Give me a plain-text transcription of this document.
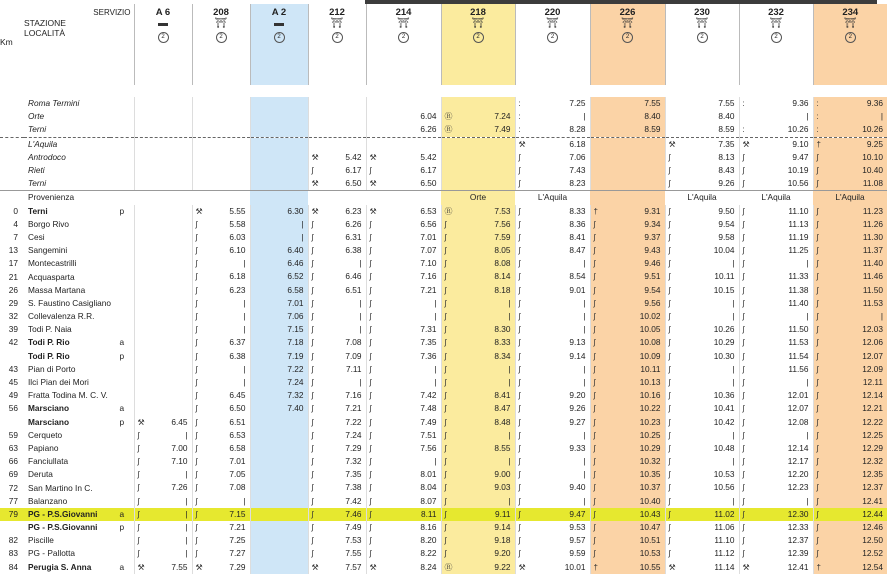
Km	SERVIZIO
STAZIONE
LOCALITÀ		A 6
▬
2	208
⛩
2	A 2
▬
2	212
⛩
2	214
⛩
2	218
⛩
2	220
⛩
2	226
⛩
2	230
⛩
2	232
⛩
2	234
⛩
2

	Roma Termini								: 7.25	7.55	7.55	: 9.36	: 9.36

	Orte						6.04	Ⓡ 7.24	: |	8.40	8.40	|	: |

	Terni						6.26	Ⓡ 7.49	: 8.28	8.59	8.59	: 10.26	: 10.26

	L'Aquila								⚒ 6.18		⚒ 7.35	⚒ 9.10	† 9.25

	Antrodoco					⚒ 5.42	⚒ 5.42		ʃ 7.06		ʃ 8.13	ʃ 9.47	ʃ 10.10

	Rieti					ʃ 6.17	ʃ 6.17		ʃ 7.43		ʃ 8.43	ʃ 10.19	ʃ 10.40

	Terni					⚒ 6.50	⚒ 6.50		ʃ 8.23		ʃ 9.26	ʃ 10.56	ʃ 11.08

	Provenienza							Orte	L'Aquila		L'Aquila	L'Aquila	L'Aquila
0	Terni	p		⚒ 5.55	6.30	⚒ 6.23	⚒ 6.53	Ⓡ 7.53	ʃ 8.33	† 9.31	ʃ 9.50	ʃ 11.10	ʃ 11.23

4	Borgo Rivo			ʃ 5.58	|	ʃ 6.26	ʃ 6.56	ʃ 7.56	ʃ 8.36	ʃ 9.34	ʃ 9.54	ʃ 11.13	ʃ 11.26

7	Cesi			ʃ 6.03	|	ʃ 6.31	ʃ 7.01	ʃ 7.59	ʃ 8.41	ʃ 9.37	ʃ 9.58	ʃ 11.19	ʃ 11.30

13	Sangemini			ʃ 6.10	6.40	ʃ 6.38	ʃ 7.07	ʃ 8.05	ʃ 8.47	ʃ 9.43	ʃ 10.04	ʃ 11.25	ʃ 11.37

17	Montecastrilli			ʃ |	6.46	ʃ |	ʃ 7.10	ʃ 8.08	ʃ |	ʃ 9.46	ʃ |	ʃ |	ʃ 11.40

21	Acquasparta			ʃ 6.18	6.52	ʃ 6.46	ʃ 7.16	ʃ 8.14	ʃ 8.54	ʃ 9.51	ʃ 10.11	ʃ 11.33	ʃ 11.46

26	Massa Martana			ʃ 6.23	6.58	ʃ 6.51	ʃ 7.21	ʃ 8.18	ʃ 9.01	ʃ 9.54	ʃ 10.15	ʃ 11.38	ʃ 11.50

29	S. Faustino Casigliano			ʃ |	7.01	ʃ |	ʃ |	ʃ |	ʃ |	ʃ 9.56	ʃ |	ʃ 11.40	ʃ 11.53

32	Collevalenza R.R.			ʃ |	7.06	ʃ |	ʃ |	ʃ |	ʃ |	ʃ 10.02	ʃ |	ʃ |	ʃ |

39	Todi P. Naia			ʃ |	7.15	ʃ |	ʃ 7.31	ʃ 8.30	ʃ |	ʃ 10.05	ʃ 10.26	ʃ 11.50	ʃ 12.03

42	Todi P. Rio	a		ʃ 6.37	7.18	ʃ 7.08	ʃ 7.35	ʃ 8.33	ʃ 9.13	ʃ 10.08	ʃ 10.29	ʃ 11.53	ʃ 12.06

	Todi P. Rio	p		ʃ 6.38	7.19	ʃ 7.09	ʃ 7.36	ʃ 8.34	ʃ 9.14	ʃ 10.09	ʃ 10.30	ʃ 11.54	ʃ 12.07

43	Pian di Porto			ʃ |	7.22	ʃ 7.11	ʃ |	ʃ |	ʃ |	ʃ 10.11	ʃ |	ʃ 11.56	ʃ 12.09

45	Ilci Pian dei Mori			ʃ |	7.24	ʃ |	ʃ |	ʃ |	ʃ |	ʃ 10.13	ʃ |	ʃ |	ʃ 12.11

49	Fratta Todina M. C. V.			ʃ 6.45	7.32	ʃ 7.16	ʃ 7.42	ʃ 8.41	ʃ 9.20	ʃ 10.16	ʃ 10.36	ʃ 12.01	ʃ 12.14

56	Marsciano	a		ʃ 6.50	7.40	ʃ 7.21	ʃ 7.48	ʃ 8.47	ʃ 9.26	ʃ 10.22	ʃ 10.41	ʃ 12.07	ʃ 12.21

	Marsciano	p	⚒ 6.45	ʃ 6.51		ʃ 7.22	ʃ 7.49	ʃ 8.48	ʃ 9.27	ʃ 10.23	ʃ 10.42	ʃ 12.08	ʃ 12.22

59	Cerqueto		ʃ |	ʃ 6.53		ʃ 7.24	ʃ 7.51	ʃ |	ʃ |	ʃ 10.25	ʃ |	ʃ |	ʃ 12.25

63	Papiano		ʃ 7.00	ʃ 6.58		ʃ 7.29	ʃ 7.56	ʃ 8.55	ʃ 9.33	ʃ 10.29	ʃ 10.48	ʃ 12.14	ʃ 12.29

66	Fanciullata		ʃ 7.10	ʃ 7.01		ʃ 7.32	ʃ |	ʃ |	ʃ |	ʃ 10.32	ʃ |	ʃ 12.17	ʃ 12.32

69	Deruta		ʃ |	ʃ 7.05		ʃ 7.35	ʃ 8.01	ʃ 9.00	ʃ |	ʃ 10.35	ʃ 10.53	ʃ 12.20	ʃ 12.35

72	San Martino In C.		ʃ 7.26	ʃ 7.08		ʃ 7.38	ʃ 8.04	ʃ 9.03	ʃ 9.40	ʃ 10.37	ʃ 10.56	ʃ 12.23	ʃ 12.37

77	Balanzano		ʃ |	ʃ |		ʃ 7.42	ʃ 8.07	ʃ |	ʃ |	ʃ 10.40	ʃ |	ʃ |	ʃ 12.41

79	PG - P.S.Giovanni	a	ʃ |	ʃ 7.15		ʃ 7.46	ʃ 8.11	ʃ 9.11	ʃ 9.47	ʃ 10.43	ʃ 11.02	ʃ 12.30	ʃ 12.44

	PG - P.S.Giovanni	p	ʃ |	ʃ 7.21		ʃ 7.49	ʃ 8.16	ʃ 9.14	ʃ 9.53	ʃ 10.47	ʃ 11.06	ʃ 12.33	ʃ 12.46

82	Piscille		ʃ |	ʃ 7.25		ʃ 7.53	ʃ 8.20	ʃ 9.18	ʃ 9.57	ʃ 10.51	ʃ 11.10	ʃ 12.37	ʃ 12.50

83	PG - Pallotta		ʃ |	ʃ 7.27		ʃ 7.55	ʃ 8.22	ʃ 9.20	ʃ 9.59	ʃ 10.53	ʃ 11.12	ʃ 12.39	ʃ 12.52

84	Perugia S. Anna	a	⚒ 7.55	⚒ 7.29		⚒ 7.57	⚒ 8.24	Ⓡ 9.22	⚒ 10.01	† 10.55	⚒ 11.14	⚒ 12.41	† 12.54
